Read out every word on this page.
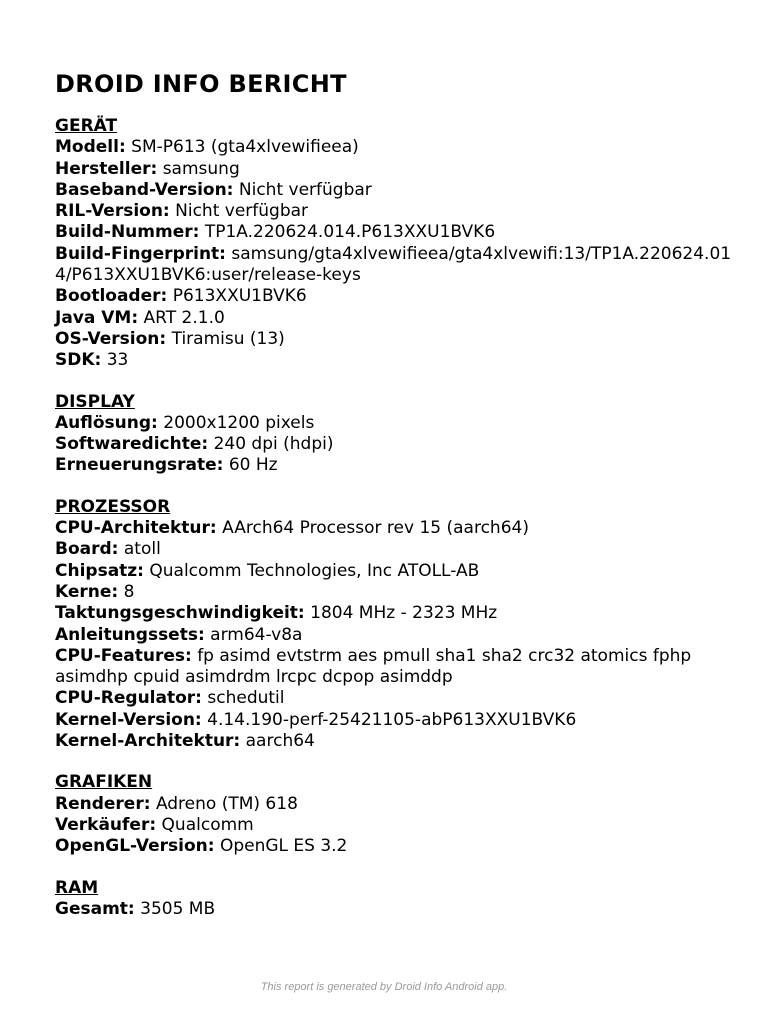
DROID INFO BERICHT
GERÄT
Modell: SM-P613 (gta4xlvewifieea)
Hersteller: samsung
Baseband-Version: Nicht verfügbar
RIL-Version: Nicht verfügbar
Build-Nummer: TP1A.220624.014.P613XXU1BVK6
Build-Fingerprint: samsung/gta4xlvewifieea/gta4xlvewifi:13/TP1A.220624.014/P613XXU1BVK6:user/release-keys
Bootloader: P613XXU1BVK6
Java VM: ART 2.1.0
OS-Version: Tiramisu (13)
SDK: 33
DISPLAY
Auflösung: 2000x1200 pixels
Softwaredichte: 240 dpi (hdpi)
Erneuerungsrate: 60 Hz
PROZESSOR
CPU-Architektur: AArch64 Processor rev 15 (aarch64)
Board: atoll
Chipsatz: Qualcomm Technologies, Inc ATOLL-AB
Kerne: 8
Taktungsgeschwindigkeit: 1804 MHz - 2323 MHz
Anleitungssets: arm64-v8a
CPU-Features: fp asimd evtstrm aes pmull sha1 sha2 crc32 atomics fphp asimdhp cpuid asimdrdm lrcpc dcpop asimddp
CPU-Regulator: schedutil
Kernel-Version: 4.14.190-perf-25421105-abP613XXU1BVK6
Kernel-Architektur: aarch64
GRAFIKEN
Renderer: Adreno (TM) 618
Verkäufer: Qualcomm
OpenGL-Version: OpenGL ES 3.2
RAM
Gesamt: 3505 MB
This report is generated by Droid Info Android app.
